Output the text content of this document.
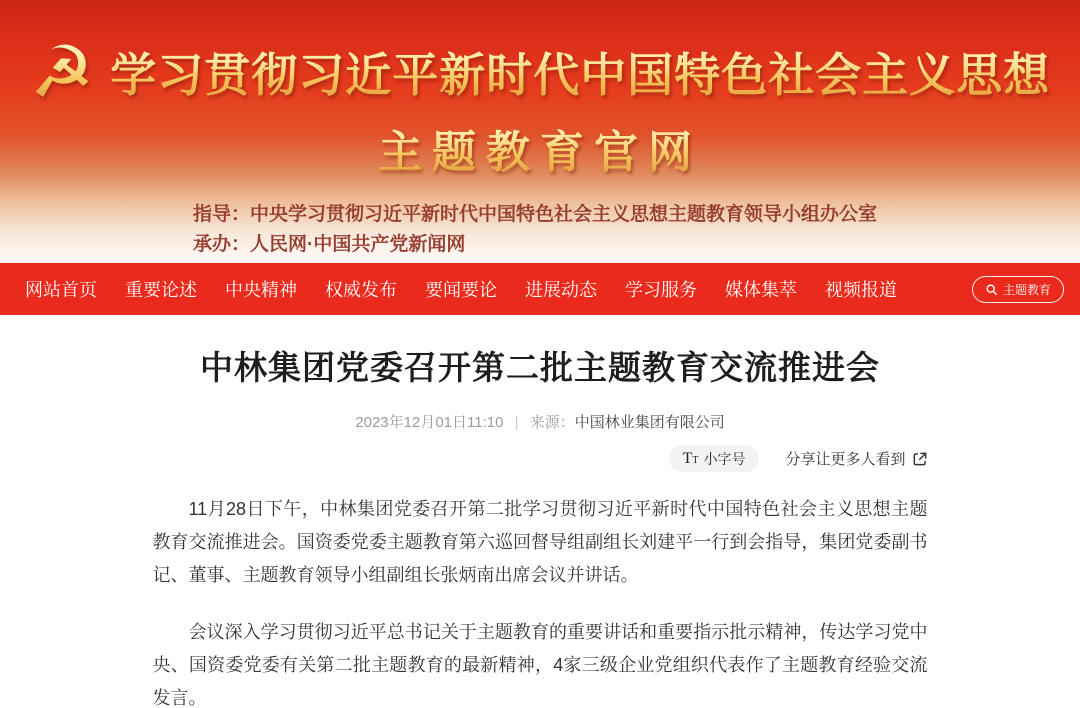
☭ 学习贯彻习近平新时代中国特色社会主义思想
主题教育官网
指导：中央学习贯彻习近平新时代中国特色社会主义思想主题教育领导小组办公室
承办：人民网·中国共产党新闻网
网站首页 重要论述 中央精神 权威发布 要闻要论 进展动态 学习服务 媒体集萃 视频报道	主题教育
中林集团党委召开第二批主题教育交流推进会
2023年12月01日11:10 | 来源：中国林业集团有限公司
TT 小字号	分享让更多人看到

11月28日下午，中林集团党委召开第二批学习贯彻习近平新时代中国特色社会主义思想主题教育交流推进会。国资委党委主题教育第六巡回督导组副组长刘建平一行到会指导，集团党委副书记、董事、主题教育领导小组副组长张炳南出席会议并讲话。

会议深入学习贯彻习近平总书记关于主题教育的重要讲话和重要指示批示精神，传达学习党中央、国资委党委有关第二批主题教育的最新精神，4家三级企业党组织代表作了主题教育经验交流发言。
